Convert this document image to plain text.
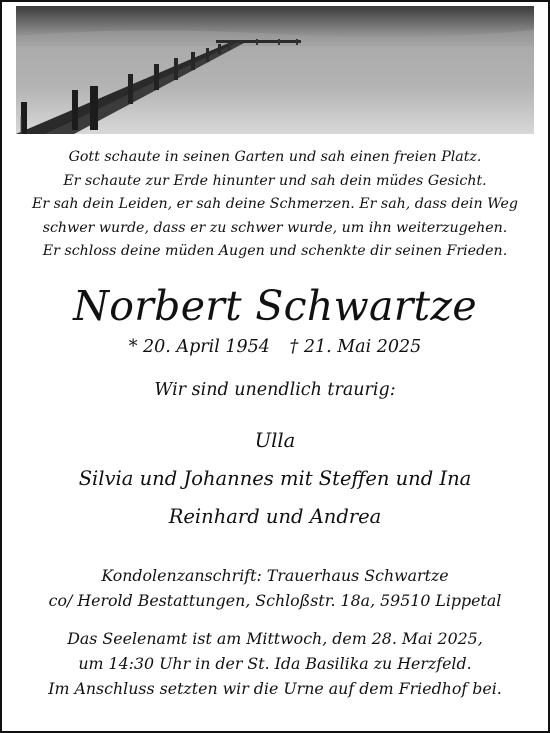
Gott schaute in seinen Garten und sah einen freien Platz.
Er schaute zur Erde hinunter und sah dein müdes Gesicht.
Er sah dein Leiden, er sah deine Schmerzen. Er sah, dass dein Weg
schwer wurde, dass er zu schwer wurde, um ihn weiterzugehen.
Er schloss deine müden Augen und schenkte dir seinen Frieden.
Norbert Schwartze
* 20. April 1954 † 21. Mai 2025
Wir sind unendlich traurig:
Ulla
Silvia und Johannes mit Steffen und Ina
Reinhard und Andrea
Kondolenzanschrift: Trauerhaus Schwartze
co/ Herold Bestattungen, Schloßstr. 18a, 59510 Lippetal
Das Seelenamt ist am Mittwoch, dem 28. Mai 2025,
um 14:30 Uhr in der St. Ida Basilika zu Herzfeld.
Im Anschluss setzten wir die Urne auf dem Friedhof bei.
